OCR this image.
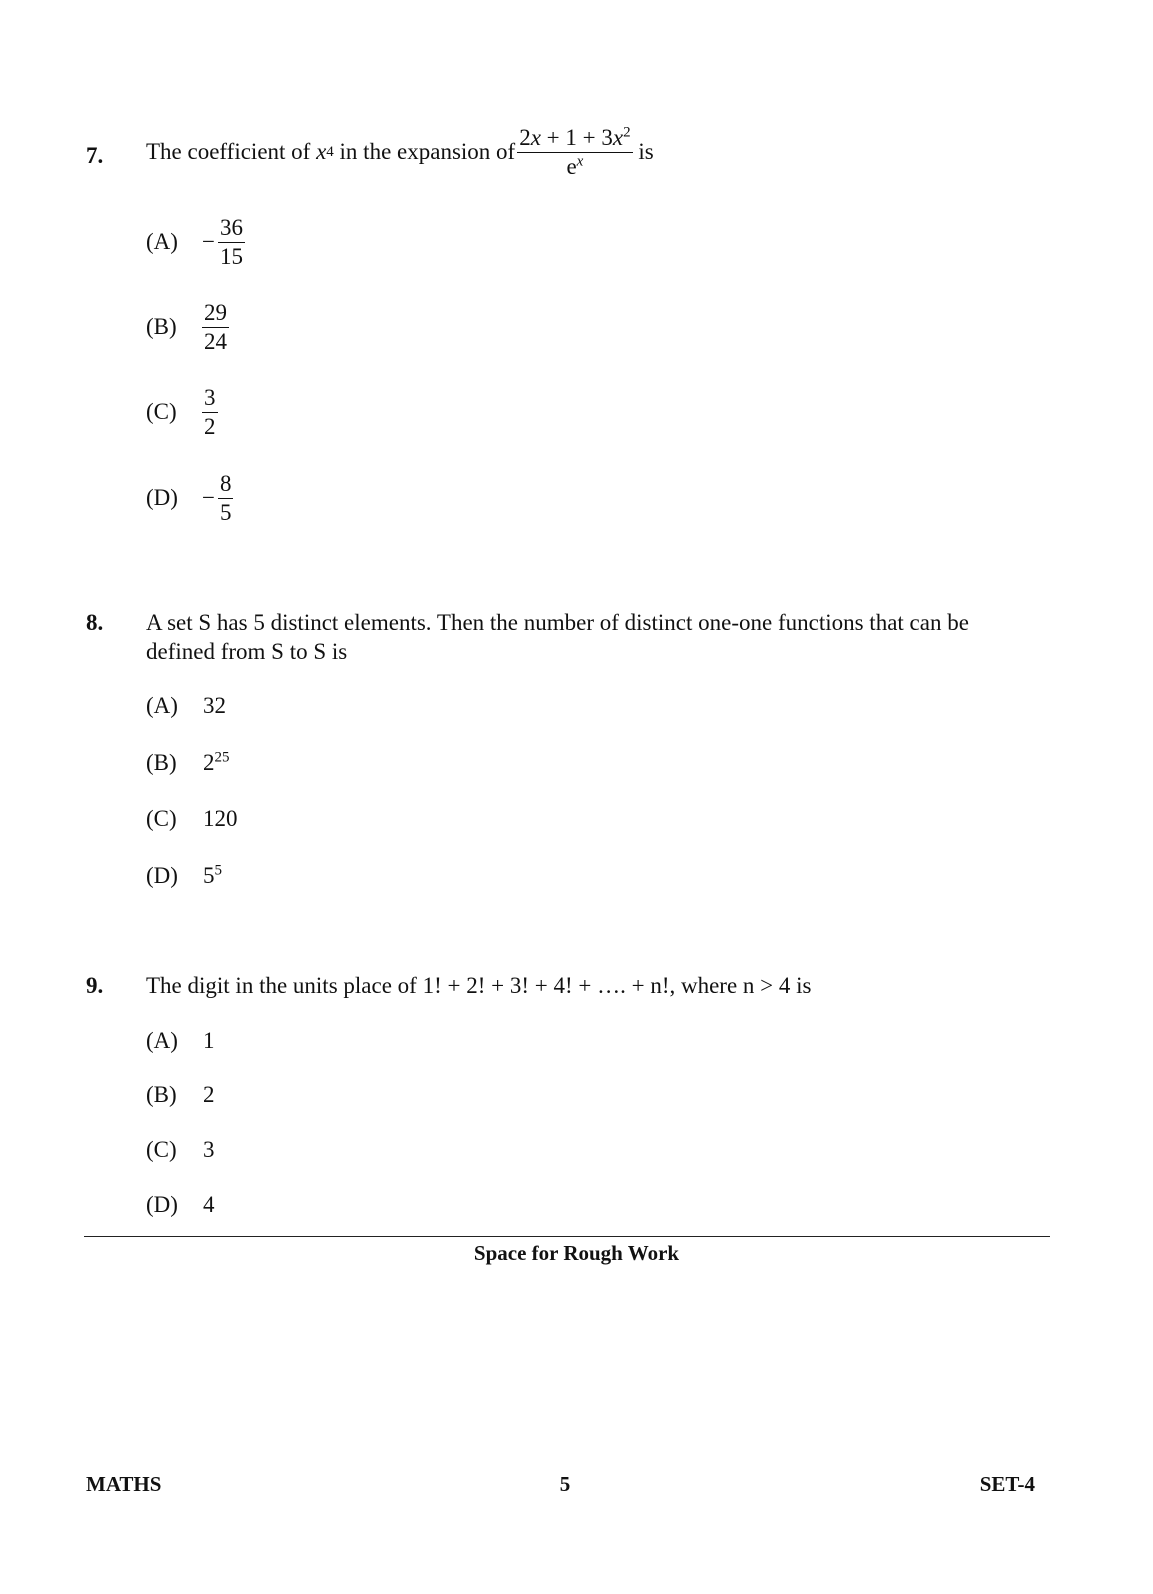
7. The coefficient of
x 4
in the expansion of $\frac{2x + 1 + 3x^2}{e^x}$
is
(A)	− $\frac{36}{15}$
(B)	$\frac{29}{24}$
(C)	$\frac{3}{2}$
(D)	− $\frac{8}{5}$
8. A set S has 5 distinct elements. Then the number of distinct one-one functions that can be
defined from S to S is
(A) 32
(B) $2^{25}$
(C) 120
(D) $5^5$
9. The digit in the units place of 1! + 2! + 3! + 4! + …. + n!, where n > 4 is
(A) 1
(B) 2
(C) 3
(D) 4
Space for Rough Work
MATHS	5	SET-4
